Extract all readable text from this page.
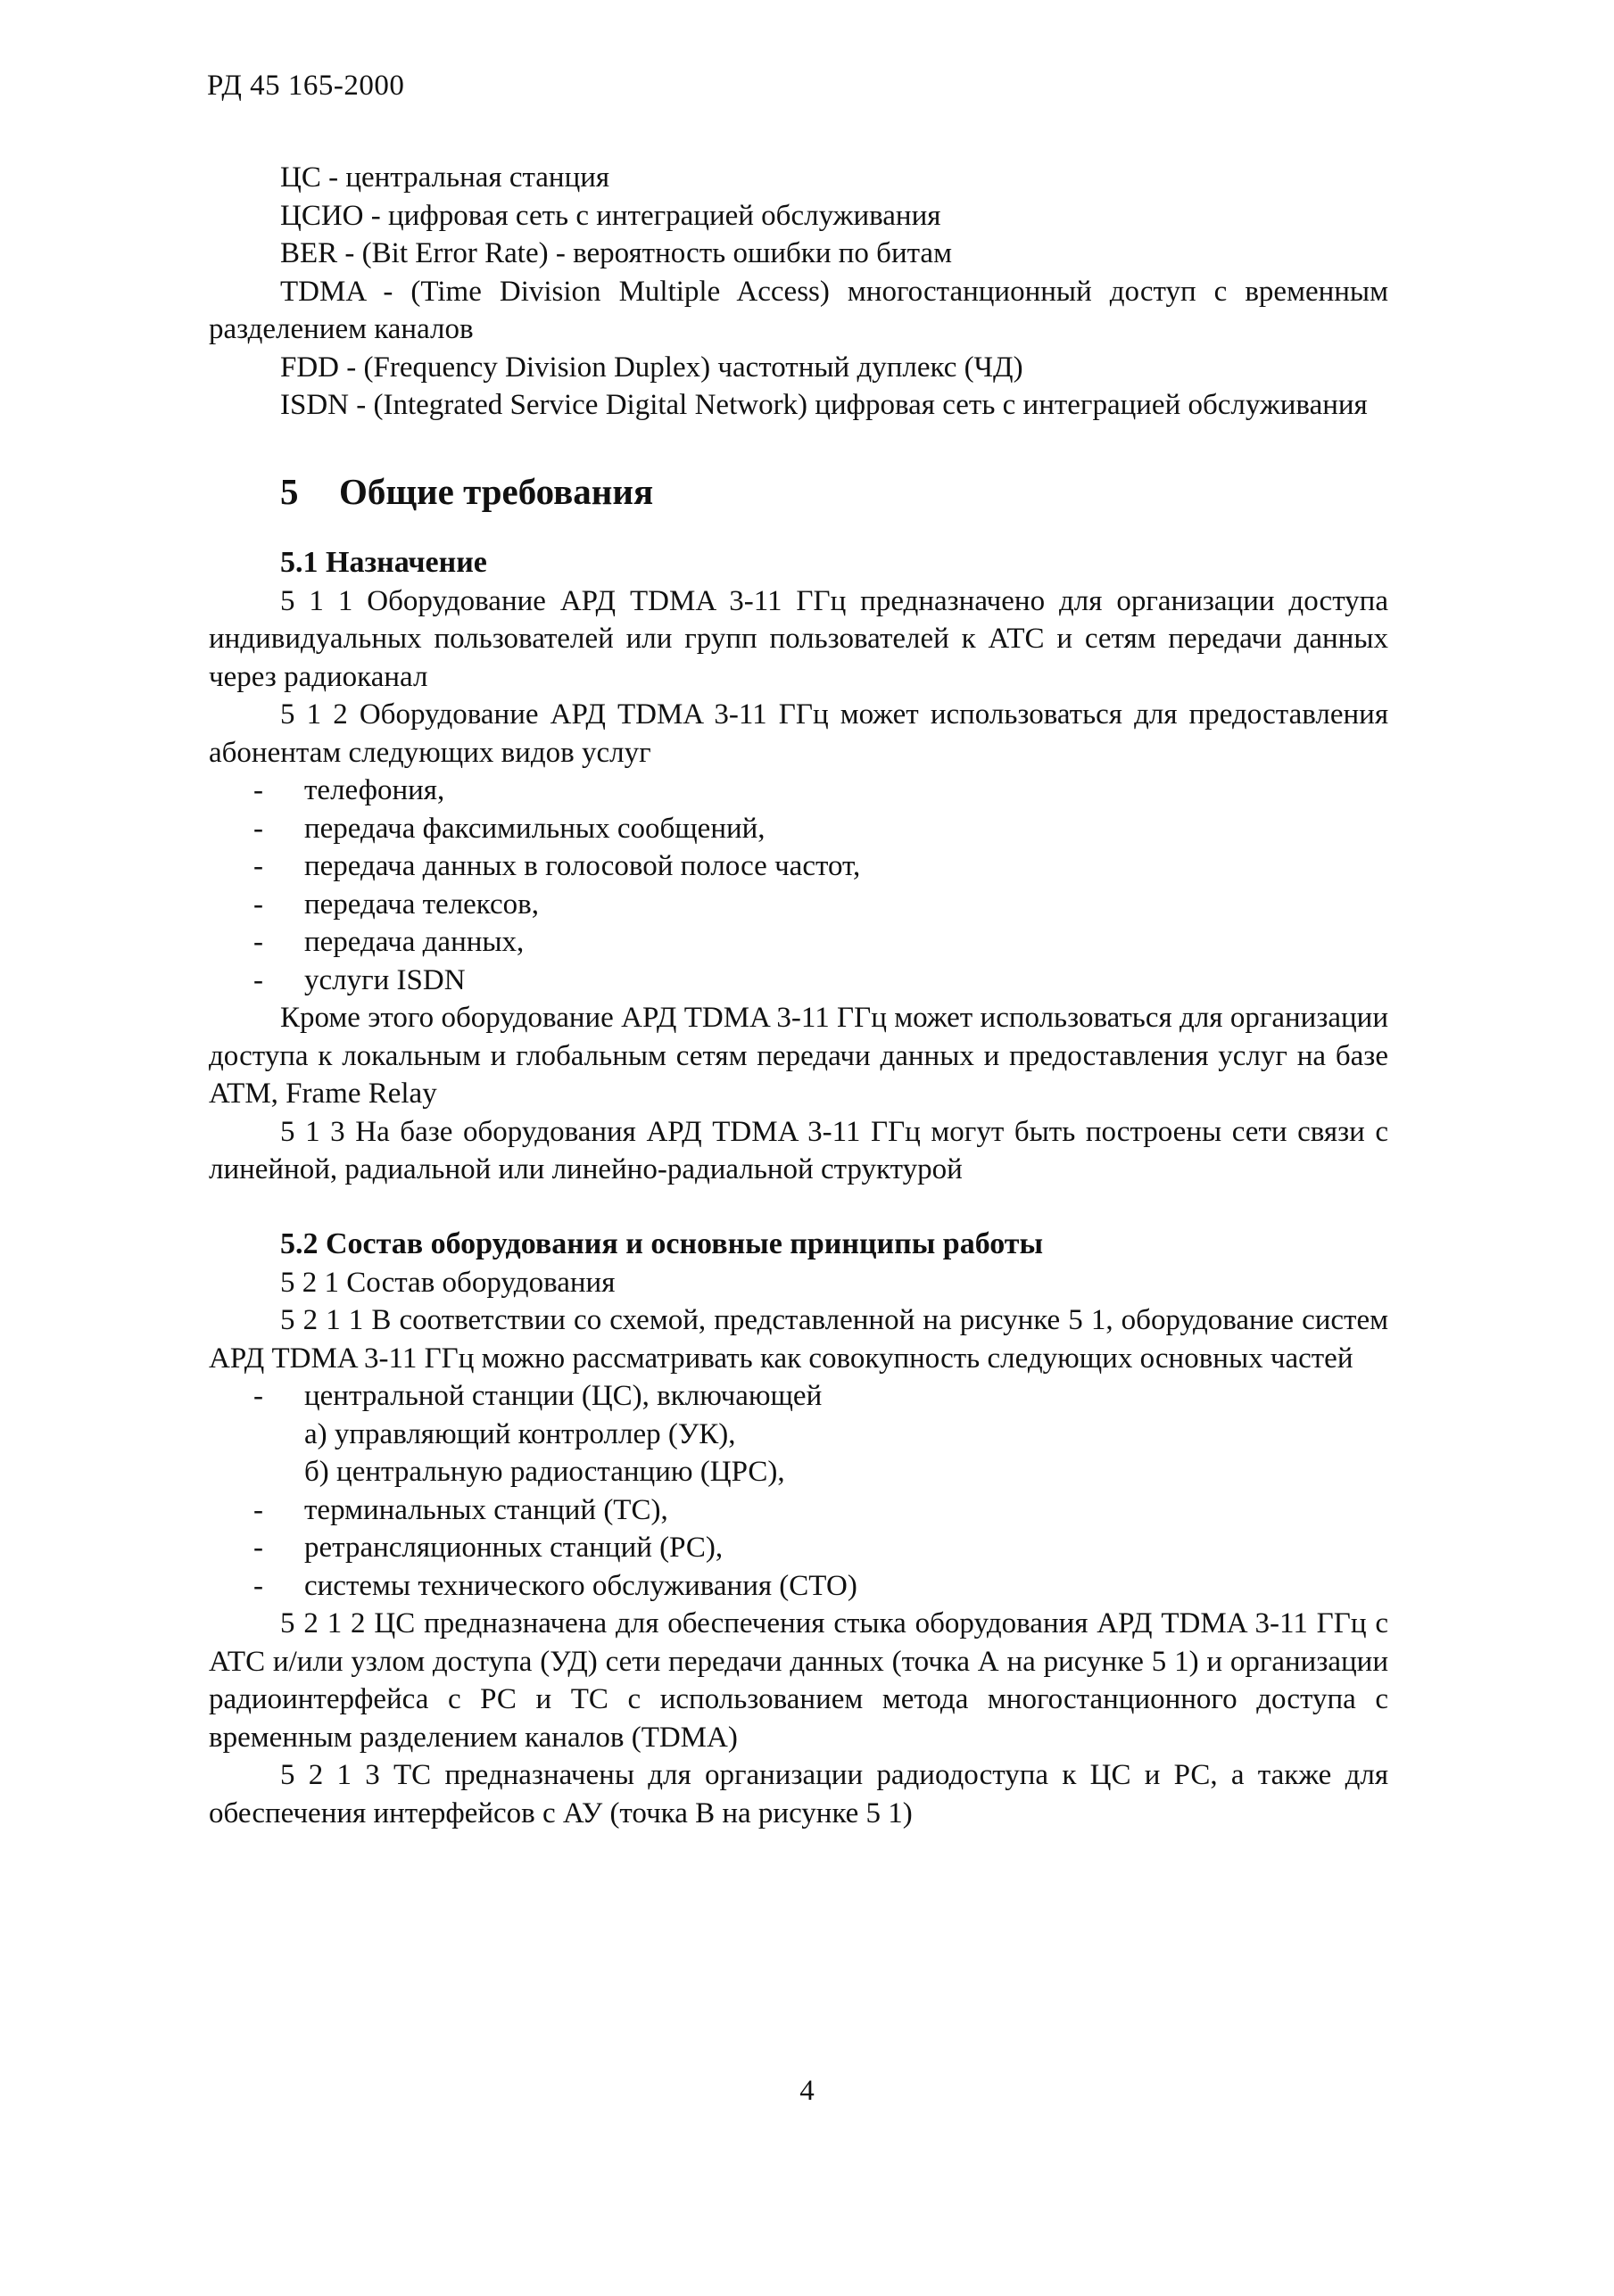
РД 45 165-2000

ЦС - центральная станция

ЦСИО - цифровая сеть с интеграцией обслуживания

BER - (Bit Error Rate) - вероятность ошибки по битам

TDMA - (Time Division Multiple Access) многостанционный доступ с временным разделением каналов

FDD - (Frequency Division Duplex) частотный дуплекс (ЧД)

ISDN - (Integrated Service Digital Network) цифровая сеть с интеграцией обслуживания

5 Общие требования
5.1 Назначение

5 1 1 Оборудование АРД TDMA 3-11 ГГц предназначено для организации доступа индивидуальных пользователей или групп пользователей к АТС и сетям передачи данных через радиоканал

5 1 2 Оборудование АРД TDMA 3-11 ГГц может использоваться для предоставления абонентам следующих видов услуг

- телефония,
- передача факсимильных сообщений,
- передача данных в голосовой полосе частот,
- передача телексов,
- передача данных,
- услуги ISDN

Кроме этого оборудование АРД TDMA 3-11 ГГц может использоваться для организации доступа к локальным и глобальным сетям передачи данных и предоставления услуг на базе ATM, Frame Relay

5 1 3 На базе оборудования АРД TDMA 3-11 ГГц могут быть построены сети связи с линейной, радиальной или линейно-радиальной структурой

5.2 Состав оборудования и основные принципы работы

5 2 1 Состав оборудования

5 2 1 1 В соответствии со схемой, представленной на рисунке 5 1, оборудование систем АРД TDMA 3-11 ГГц можно рассматривать как совокупность следующих основных частей

- центральной станции (ЦС), включающей

а) управляющий контроллер (УК),

б) центральную радиостанцию (ЦРС),

- терминальных станций (ТС),
- ретрансляционных станций (РС),
- системы технического обслуживания (СТО)

5 2 1 2 ЦС предназначена для обеспечения стыка оборудования АРД TDMA 3-11 ГГц с АТС и/или узлом доступа (УД) сети передачи данных (точка А на рисунке 5 1) и организации радиоинтерфейса с РС и ТС с использованием метода многостанционного доступа с временным разделением каналов (TDMA)

5 2 1 3 ТС предназначены для организации радиодоступа к ЦС и РС, а также для обеспечения интерфейсов с АУ (точка В на рисунке 5 1)

4
